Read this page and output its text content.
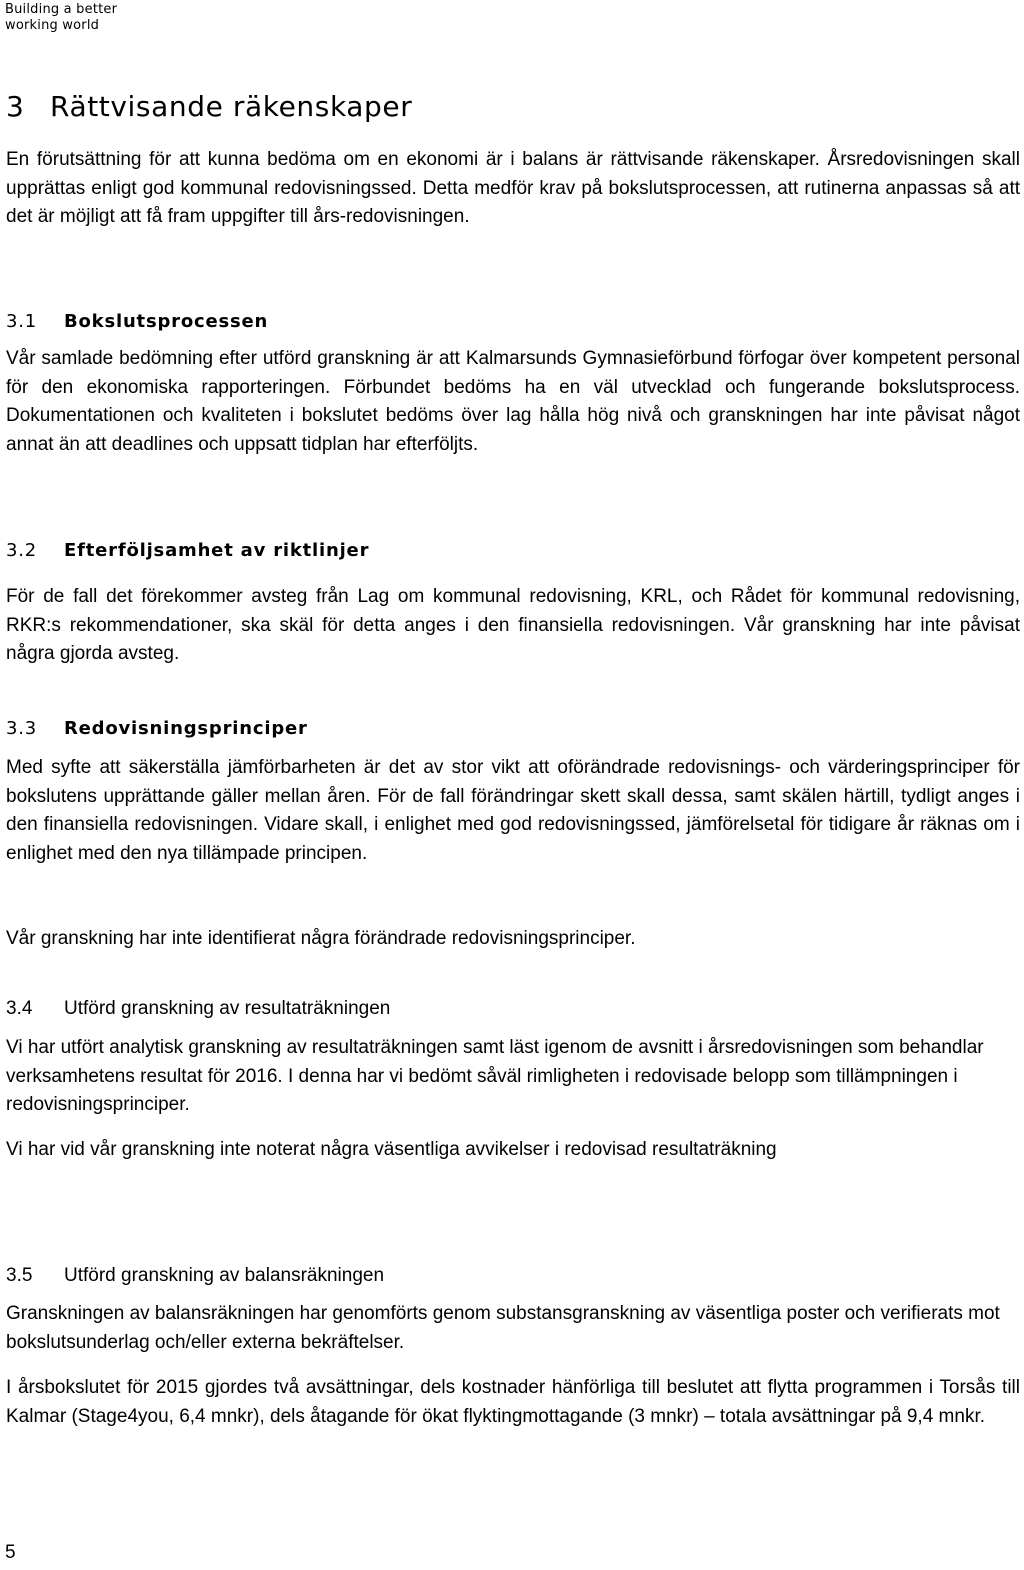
Building a better
working world
3 Rättvisande räkenskaper

En förutsättning för att kunna bedöma om en ekonomi är i balans är rättvisande räkenskaper. Årsredovisningen skall upprättas enligt god kommunal redovisningssed. Detta medför krav på bokslutsprocessen, att rutinerna anpassas så att det är möjligt att få fram uppgifter till års-redovisningen.

3.1 Bokslutsprocessen

Vår samlade bedömning efter utförd granskning är att Kalmarsunds Gymnasieförbund förfogar över kompetent personal för den ekonomiska rapporteringen. Förbundet bedöms ha en väl utvecklad och fungerande bokslutsprocess. Dokumentationen och kvaliteten i bokslutet bedöms över lag hålla hög nivå och granskningen har inte påvisat något annat än att deadlines och uppsatt tidplan har efterföljts.

3.2 Efterföljsamhet av riktlinjer

För de fall det förekommer avsteg från Lag om kommunal redovisning, KRL, och Rådet för kommunal redovisning, RKR:s rekommendationer, ska skäl för detta anges i den finansiella redovisningen. Vår granskning har inte påvisat några gjorda avsteg.

3.3 Redovisningsprinciper

Med syfte att säkerställa jämförbarheten är det av stor vikt att oförändrade redovisnings- och värderingsprinciper för bokslutens upprättande gäller mellan åren. För de fall förändringar skett skall dessa, samt skälen härtill, tydligt anges i den finansiella redovisningen. Vidare skall, i enlighet med god redovisningssed, jämförelsetal för tidigare år räknas om i enlighet med den nya tillämpade principen.

Vår granskning har inte identifierat några förändrade redovisningsprinciper.

3.4 Utförd granskning av resultaträkningen

Vi har utfört analytisk granskning av resultaträkningen samt läst igenom de avsnitt i årsredovisningen som behandlar verksamhetens resultat för 2016. I denna har vi bedömt såväl rimligheten i redovisade belopp som tillämpningen i redovisningsprinciper.

Vi har vid vår granskning inte noterat några väsentliga avvikelser i redovisad resultaträkning

3.5 Utförd granskning av balansräkningen

Granskningen av balansräkningen har genomförts genom substansgranskning av väsentliga poster och verifierats mot bokslutsunderlag och/eller externa bekräftelser.

I årsbokslutet för 2015 gjordes två avsättningar, dels kostnader hänförliga till beslutet att flytta programmen i Torsås till Kalmar (Stage4you, 6,4 mnkr), dels åtagande för ökat flyktingmottagande (3 mnkr) – totala avsättningar på 9,4 mnkr.

5
